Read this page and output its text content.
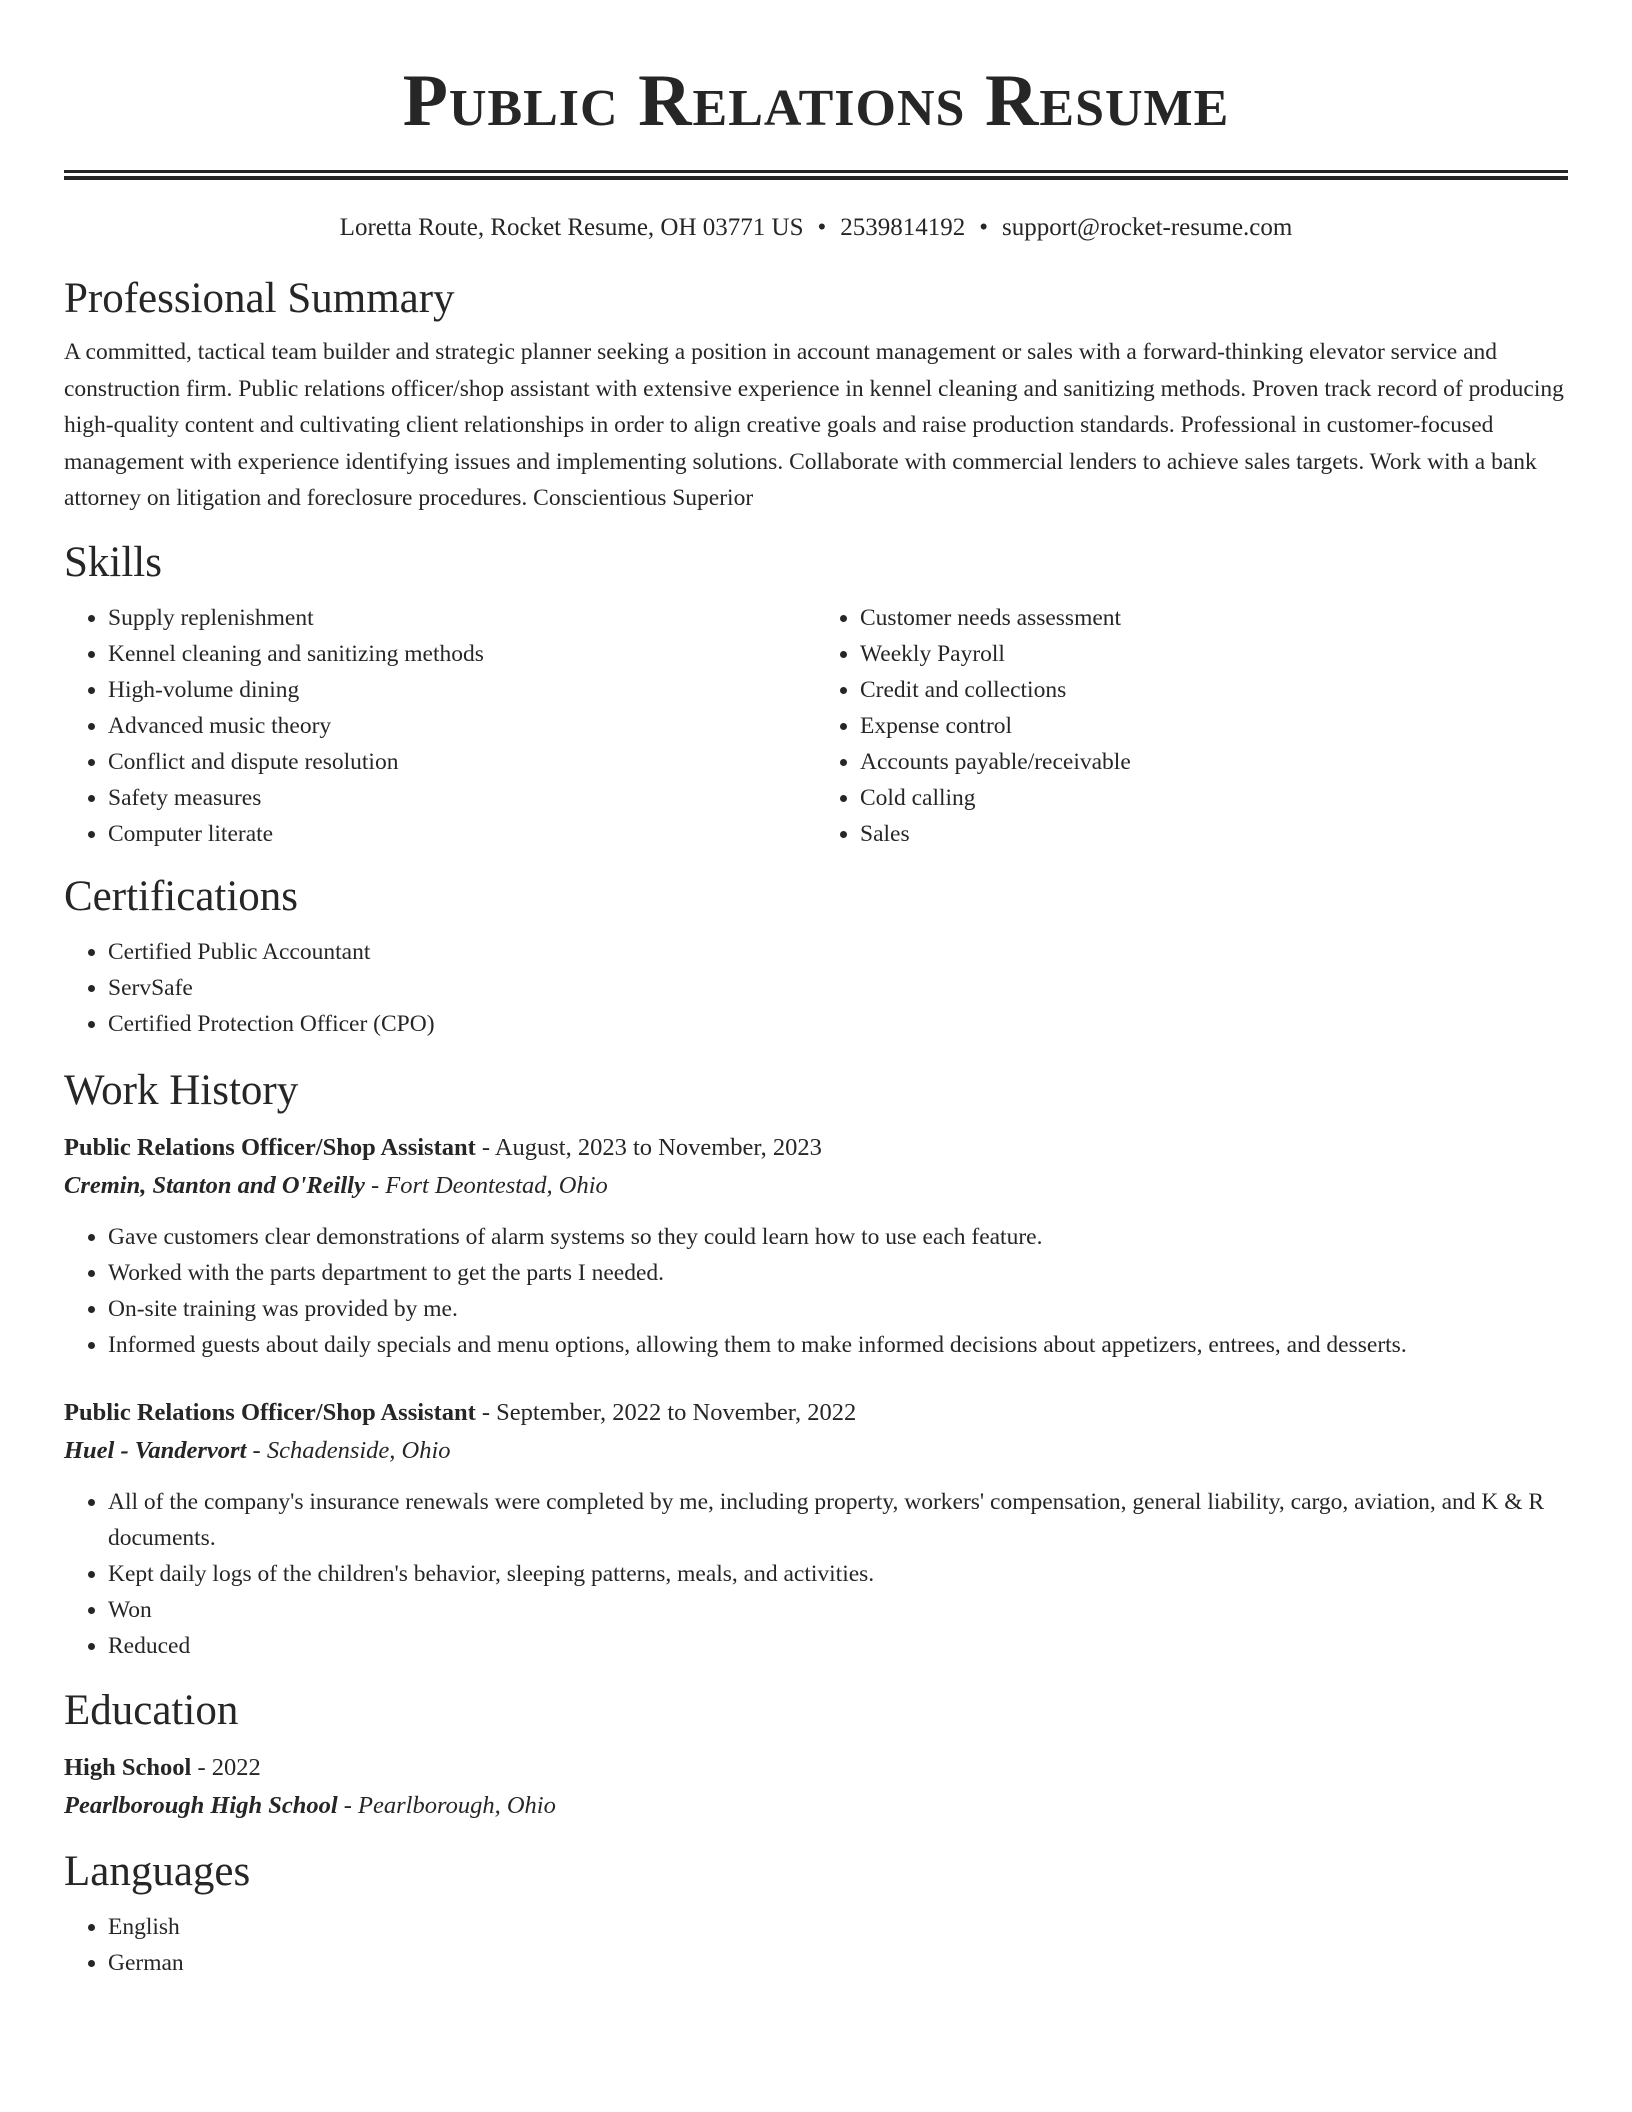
Public Relations Resume
Loretta Route, Rocket Resume, OH 03771 US • 2539814192 • support@rocket-resume.com
Professional Summary

A committed, tactical team builder and strategic planner seeking a position in account management or sales with a forward-thinking elevator service and construction firm. Public relations officer/shop assistant with extensive experience in kennel cleaning and sanitizing methods. Proven track record of producing high-quality content and cultivating client relationships in order to align creative goals and raise production standards. Professional in customer-focused management with experience identifying issues and implementing solutions. Collaborate with commercial lenders to achieve sales targets. Work with a bank attorney on litigation and foreclosure procedures. Conscientious Superior

Skills
• Supply replenishment
• Kennel cleaning and sanitizing methods
• High-volume dining
• Advanced music theory
• Conflict and dispute resolution
• Safety measures
• Computer literate
• Customer needs assessment
• Weekly Payroll
• Credit and collections
• Expense control
• Accounts payable/receivable
• Cold calling
• Sales
Certifications
• Certified Public Accountant
• ServSafe
• Certified Protection Officer (CPO)
Work History
Public Relations Officer/Shop Assistant - August, 2023 to November, 2023
Cremin, Stanton and O'Reilly - Fort Deontestad, Ohio
• Gave customers clear demonstrations of alarm systems so they could learn how to use each feature.
• Worked with the parts department to get the parts I needed.
• On-site training was provided by me.
• Informed guests about daily specials and menu options, allowing them to make informed decisions about appetizers, entrees, and desserts.
Public Relations Officer/Shop Assistant - September, 2022 to November, 2022
Huel - Vandervort - Schadenside, Ohio
• All of the company's insurance renewals were completed by me, including property, workers' compensation, general liability, cargo, aviation, and K & R documents.
• Kept daily logs of the children's behavior, sleeping patterns, meals, and activities.
• Won
• Reduced
Education
High School - 2022
Pearlborough High School - Pearlborough, Ohio
Languages
• English
• German
